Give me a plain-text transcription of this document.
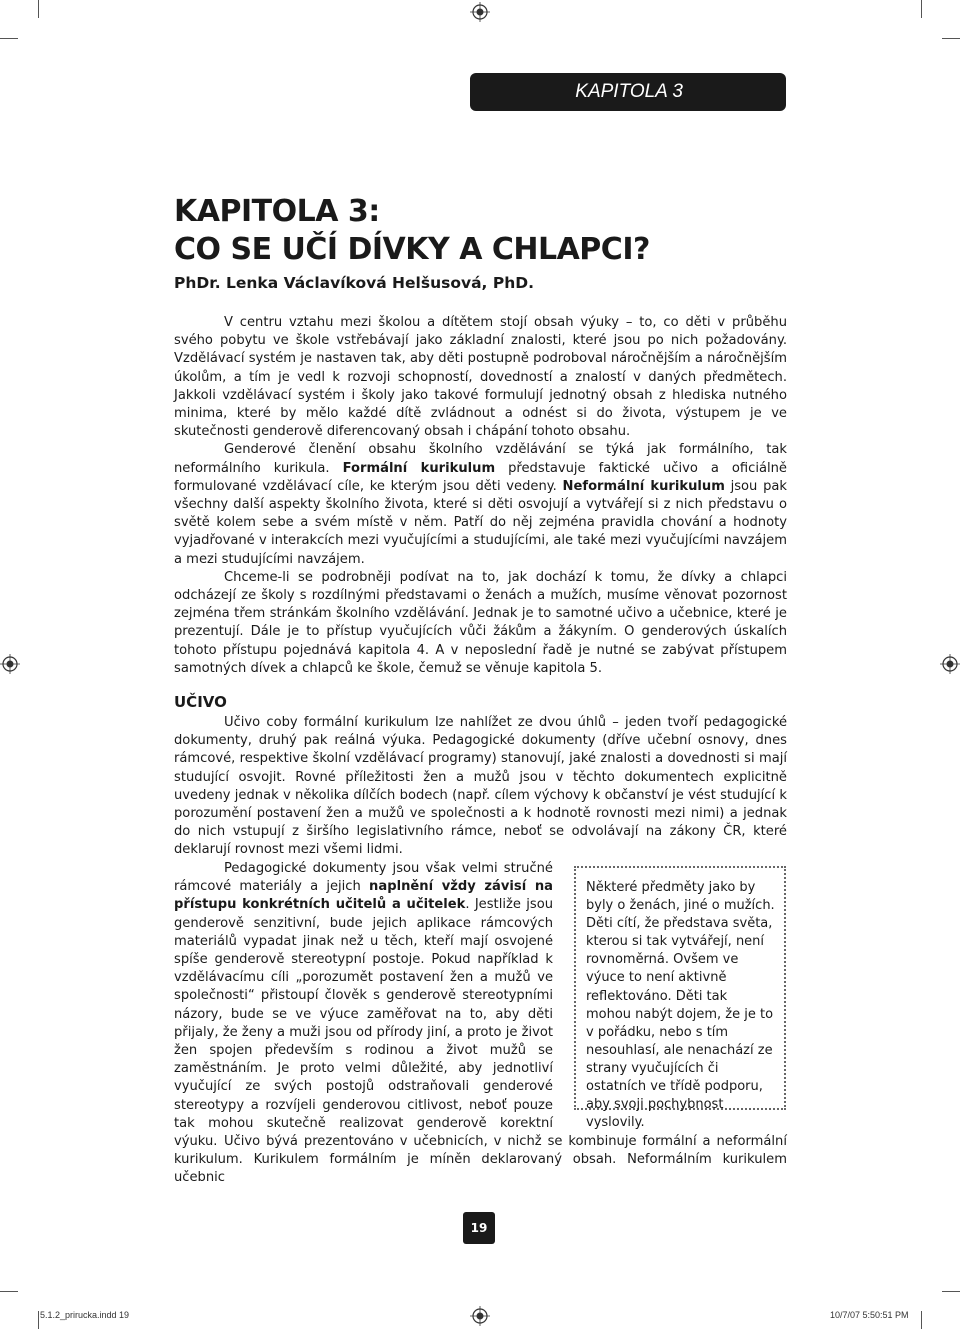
KAPITOLA 3
KAPITOLA 3:
CO SE UČÍ DÍVKY A CHLAPCI?
PhDr. Lenka Václavíková Helšusová, PhD.

V centru vztahu mezi školou a dítětem stojí obsah výuky – to, co děti v průběhu svého pobytu ve škole vstřebávají jako základní znalosti, které jsou po nich požadovány. Vzdělávací systém je nastaven tak, aby děti postupně podroboval náročnějším a náročnějším úkolům, a tím je vedl k rozvoji schopností, dovedností a znalostí v daných předmětech. Jakkoli vzdělávací systém i školy jako takové formulují jednotný obsah z hlediska nutného minima, které by mělo každé dítě zvládnout a odnést si do života, výstupem je ve skutečnosti genderově diferencovaný obsah i chápání tohoto obsahu.

Genderové členění obsahu školního vzdělávání se týká jak formálního, tak neformálního kurikula. Formální kurikulum představuje faktické učivo a oficiálně formulované vzdělávací cíle, ke kterým jsou děti vedeny. Neformální kurikulum jsou pak všechny další aspekty školního života, které si děti osvojují a vytvářejí si z nich představu o světě kolem sebe a svém místě v něm. Patří do něj zejména pravidla chování a hodnoty vyjadřované v interakcích mezi vyučujícími a studujícími, ale také mezi vyučujícími navzájem a mezi studujícími navzájem.

Chceme-li se podrobněji podívat na to, jak dochází k tomu, že dívky a chlapci odcházejí ze školy s rozdílnými představami o ženách a mužích, musíme věnovat pozornost zejména třem stránkám školního vzdělávání. Jednak je to samotné učivo a učebnice, které je prezentují. Dále je to přístup vyučujících vůči žákům a žákyním. O genderových úskalích tohoto přístupu pojednává kapitola 4. A v neposlední řadě je nutné se zabývat přístupem samotných dívek a chlapců ke škole, čemuž se věnuje kapitola 5.

UČIVO

Učivo coby formální kurikulum lze nahlížet ze dvou úhlů – jeden tvoří pedagogické dokumenty, druhý pak reálná výuka. Pedagogické dokumenty (dříve učební osnovy, dnes rámcové, respektive školní vzdělávací programy) stanovují, jaké znalosti a dovednosti si mají studující osvojit. Rovné příležitosti žen a mužů jsou v těchto dokumentech explicitně uvedeny jednak v několika dílčích bodech (např. cílem výchovy k občanství je vést studující k porozumění postavení žen a mužů ve společnosti a k hodnotě rovnosti mezi nimi) a jednak do nich vstupují z širšího legislativního rámce, neboť se odvolávají na zákony ČR, které deklarují rovnost mezi všemi lidmi.

Pedagogické dokumenty jsou však velmi stručné rámcové materiály a jejich naplnění vždy závisí na přístupu konkrétních učitelů a učitelek. Jestliže jsou genderově senzitivní, bude jejich aplikace rámcových materiálů vypadat jinak než u těch, kteří mají osvojené spíše genderově stereotypní postoje. Pokud například k vzdělávacímu cíli „porozumět postavení žen a mužů ve společnosti“ přistoupí člověk s genderově stereotypními názory, bude se ve výuce zaměřovat na to, aby děti přijaly, že ženy a muži jsou od přírody jiní, a proto je život žen spojen především s rodinou a život mužů se zaměstnáním. Je proto velmi důležité, aby jednotliví vyučující ze svých postojů odstraňovali genderové stereotypy a rozvíjeli genderovou citlivost, neboť pouze tak mohou skutečně realizovat genderově korektní výuku. Učivo bývá prezentováno v učebnicích, v nichž se kombinuje formální a neformální kurikulum. Kurikulem formálním je míněn deklarovaný obsah. Neformálním kurikulem učebnic

Některé předměty jako by byly o ženách, jiné o mužích. Děti cítí, že představa světa, kterou si tak vytvářejí, není rovnoměrná. Ovšem ve výuce to není aktivně reflektováno. Děti tak mohou nabýt dojem, že je to v pořádku, nebo s tím nesouhlasí, ale nenachází ze strany vyučujících či ostatních ve třídě podporu, aby svoji pochybnost vyslovily.
19
5.1.2_prirucka.indd 19	10/7/07 5:50:51 PM
